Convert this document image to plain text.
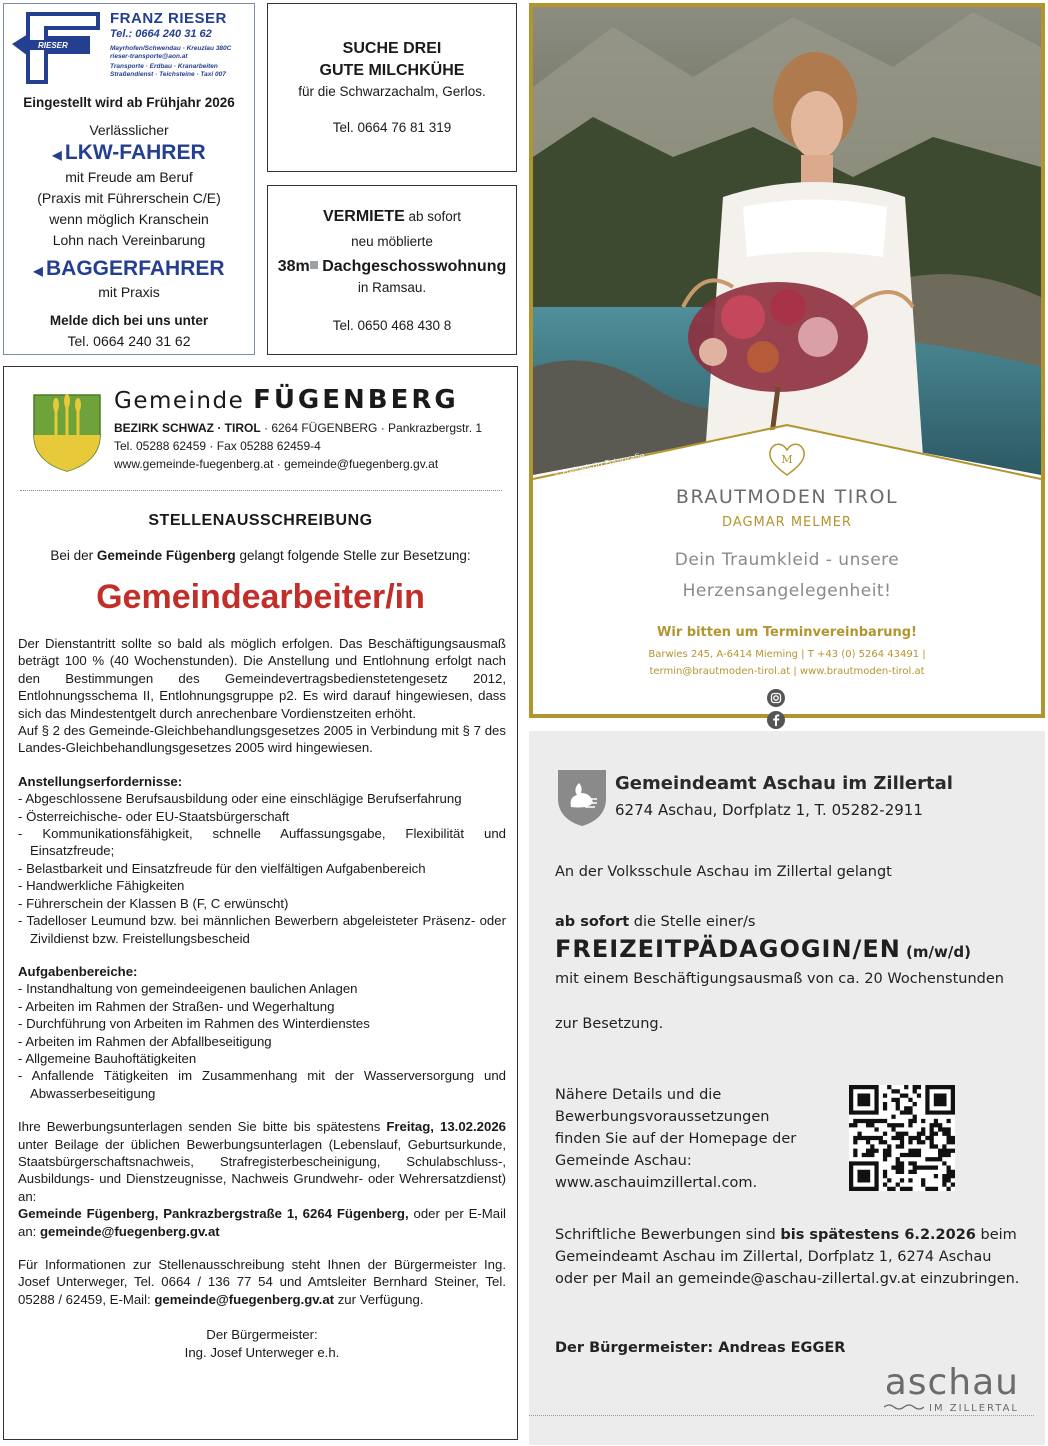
RIESER
FRANZ RIESER
Tel.: 0664 240 31 62
Mayrhofen/Schwendau · Kreuzlau 380C
rieser-transporte@aon.at
Transporte · Erdbau · Kranarbeiten
Straßendienst · Teichsteine · Taxi 007
Eingestellt wird ab Frühjahr 2026
Verlässlicher
◀ LKW-FAHRER
mit Freude am Beruf
(Praxis mit Führerschein C/E)
wenn möglich Kranschein
Lohn nach Vereinbarung
◀ BAGGERFAHRER
mit Praxis
Melde dich bei uns unter
Tel. 0664 240 31 62
SUCHE DREI
GUTE MILCHKÜHE
für die Schwarzachalm, Gerlos.
Tel. 0664 76 81 319
VERMIETE ab sofort
neu möblierte
38m Dachgeschosswohnung
in Ramsau.
Tel. 0650 468 430 8
Gemeinde FÜGENBERG
BEZIRK SCHWAZ · TIROL · 6264 FÜGENBERG · Pankrazbergstr. 1
Tel. 05288 62459 · Fax 05288 62459-4
www.gemeinde-fuegenberg.at · gemeinde@fuegenberg.gv.at
STELLENAUSSCHREIBUNG
Bei der Gemeinde Fügenberg gelangt folgende Stelle zur Besetzung:
Gemeindearbeiter/in
Der Dienstantritt sollte so bald als möglich erfolgen. Das Beschäftigungsausmaß beträgt 100 % (40 Wochenstunden). Die Anstellung und Entlohnung erfolgt nach den Bestimmungen des Gemeindevertragsbedienstetengesetz 2012, Entlohnungsschema II, Entlohnungsgruppe p2. Es wird darauf hingewiesen, dass sich das Mindestentgelt durch anrechenbare Vordienstzeiten erhöht.
Auf § 2 des Gemeinde-Gleichbehandlungsgesetzes 2005 in Verbindung mit § 7 des Landes-Gleichbehandlungsgesetzes 2005 wird hingewiesen.
Anstellungserfordernisse:
- Abgeschlossene Berufsausbildung oder eine einschlägige Berufserfahrung
- Österreichische- oder EU-Staatsbürgerschaft
- Kommunikationsfähigkeit, schnelle Auffassungsgabe, Flexibilität und Einsatzfreude;
- Belastbarkeit und Einsatzfreude für den vielfältigen Aufgabenbereich
- Handwerkliche Fähigkeiten
- Führerschein der Klassen B (F, C erwünscht)
- Tadelloser Leumund bzw. bei männlichen Bewerbern abgeleisteter Präsenz- oder Zivildienst bzw. Freistellungsbescheid
Aufgabenbereiche:
- Instandhaltung von gemeindeeigenen baulichen Anlagen
- Arbeiten im Rahmen der Straßen- und Wegerhaltung
- Durchführung von Arbeiten im Rahmen des Winterdienstes
- Arbeiten im Rahmen der Abfallbeseitigung
- Allgemeine Bauhoftätigkeiten
- Anfallende Tätigkeiten im Zusammenhang mit der Wasserversorgung und Abwasserbeseitigung
Ihre Bewerbungsunterlagen senden Sie bitte bis spätestens Freitag, 13.02.2026 unter Beilage der üblichen Bewerbungsunterlagen (Lebenslauf, Geburtsurkunde, Staatsbürgerschaftsnachweis, Strafregisterbescheinigung, Schulabschluss-, Ausbildungs- und Dienstzeugnisse, Nachweis Grundwehr- oder Wehrersatzdienst) an:
Gemeinde Fügenberg, Pankrazbergstraße 1, 6264 Fügenberg, oder per E-Mail an: gemeinde@fuegenberg.gv.at
Für Informationen zur Stellenausschreibung steht Ihnen der Bürgermeister Ing. Josef Unterweger, Tel. 0664 / 136 77 54 und Amtsleiter Bernhard Steiner, Tel. 05288 / 62459, E-Mail: gemeinde@fuegenberg.gv.at zur Verfügung.
Der Bürgermeister:
Ing. Josef Unterweger e.h.
©Freigeistin Fotografie	M
BRAUTMODEN TIROL
DAGMAR MELMER
Dein Traumkleid - unsere
Herzensangelegenheit!
Wir bitten um Terminvereinbarung!
Barwies 245, A-6414 Mieming | T +43 (0) 5264 43491 |
termin@brautmoden-tirol.at | www.brautmoden-tirol.at

Gemeindeamt Aschau im Zillertal
6274 Aschau, Dorfplatz 1, T. 05282-2911
An der Volksschule Aschau im Zillertal gelangt
ab sofort die Stelle einer/s
FREIZEITPÄDAGOGIN/EN (m/w/d)
mit einem Beschäftigungsausmaß von ca. 20 Wochenstunden
zur Besetzung.
Nähere Details und die
Bewerbungsvoraussetzungen
finden Sie auf der Homepage der
Gemeinde Aschau:
www.aschauimzillertal.com.
Schriftliche Bewerbungen sind bis spätestens 6.2.2026 beim Gemeindeamt Aschau im Zillertal, Dorfplatz 1, 6274 Aschau oder per Mail an gemeinde@aschau-zillertal.gv.at einzubringen.
Der Bürgermeister: Andreas EGGER
aschau
IM ZILLERTAL
